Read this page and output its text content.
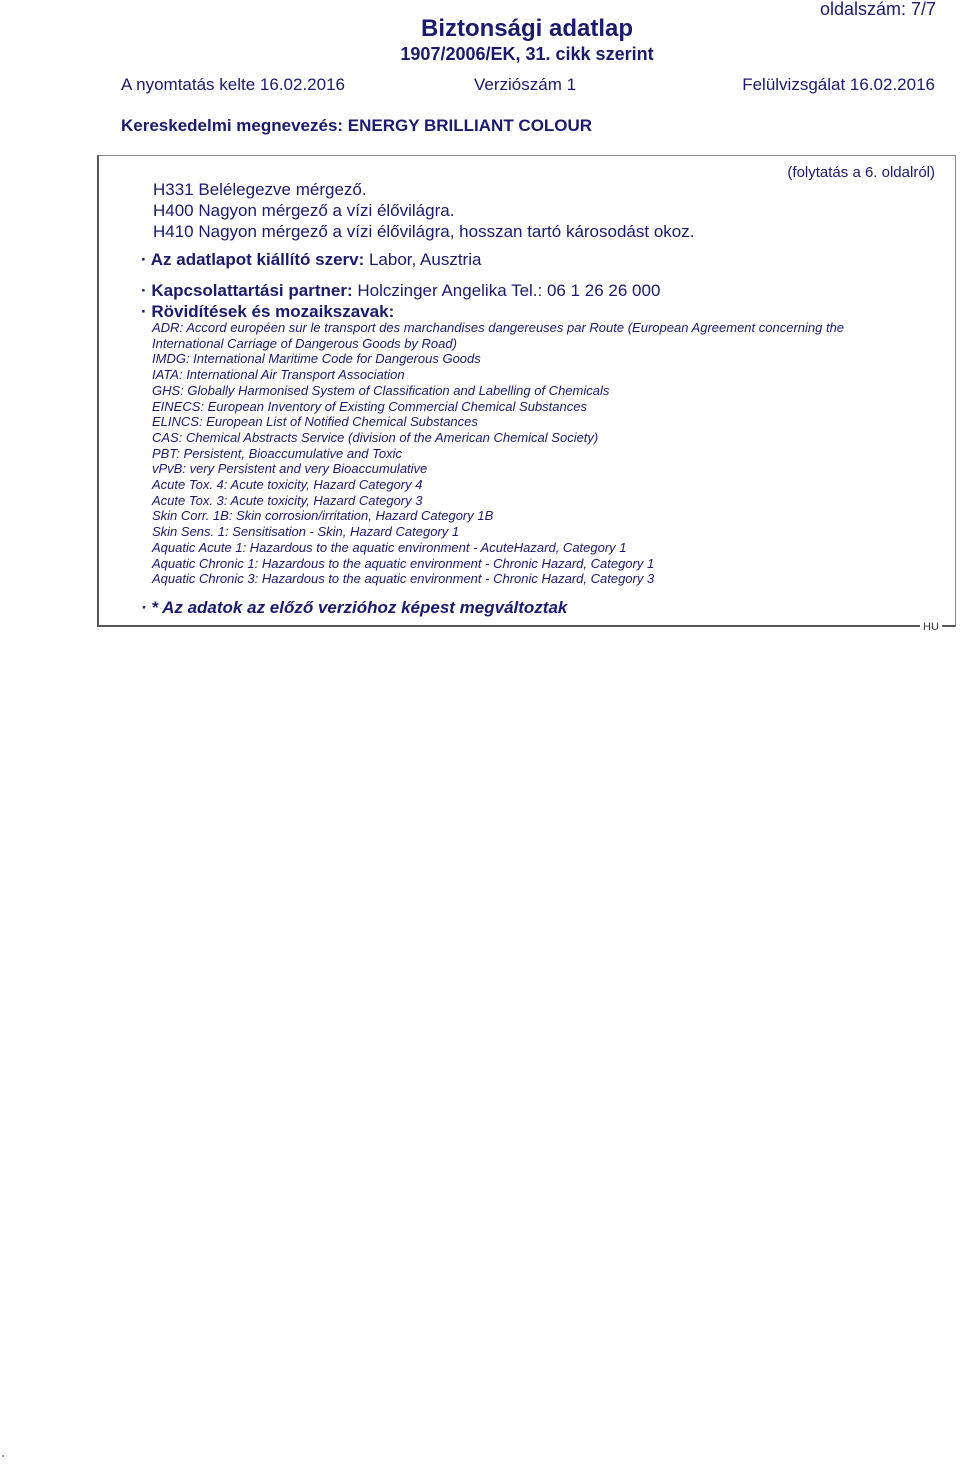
oldalszám: 7/7
Biztonsági adatlap
1907/2006/EK, 31. cikk szerint
A nyomtatás kelte 16.02.2016	Verziószám 1	Felülvizsgálat 16.02.2016
Kereskedelmi megnevezés: ENERGY BRILLIANT COLOUR
HU
(folytatás a 6. oldalról)
H331 Belélegezve mérgező.
H400 Nagyon mérgező a vízi élővilágra.
H410 Nagyon mérgező a vízi élővilágra, hosszan tartó károsodást okoz.
· Az adatlapot kiállító szerv: Labor, Ausztria
· Kapcsolattartási partner: Holczinger Angelika Tel.: 06 1 26 26 000
· Rövidítések és mozaikszavak:
ADR: Accord européen sur le transport des marchandises dangereuses par Route (European Agreement concerning the
International Carriage of Dangerous Goods by Road)
IMDG: International Maritime Code for Dangerous Goods
IATA: International Air Transport Association
GHS: Globally Harmonised System of Classification and Labelling of Chemicals
EINECS: European Inventory of Existing Commercial Chemical Substances
ELINCS: European List of Notified Chemical Substances
CAS: Chemical Abstracts Service (division of the American Chemical Society)
PBT: Persistent, Bioaccumulative and Toxic
vPvB: very Persistent and very Bioaccumulative
Acute Tox. 4: Acute toxicity, Hazard Category 4
Acute Tox. 3: Acute toxicity, Hazard Category 3
Skin Corr. 1B: Skin corrosion/irritation, Hazard Category 1B
Skin Sens. 1: Sensitisation - Skin, Hazard Category 1
Aquatic Acute 1: Hazardous to the aquatic environment - AcuteHazard, Category 1
Aquatic Chronic 1: Hazardous to the aquatic environment - Chronic Hazard, Category 1
Aquatic Chronic 3: Hazardous to the aquatic environment - Chronic Hazard, Category 3
· * Az adatok az előző verzióhoz képest megváltoztak
